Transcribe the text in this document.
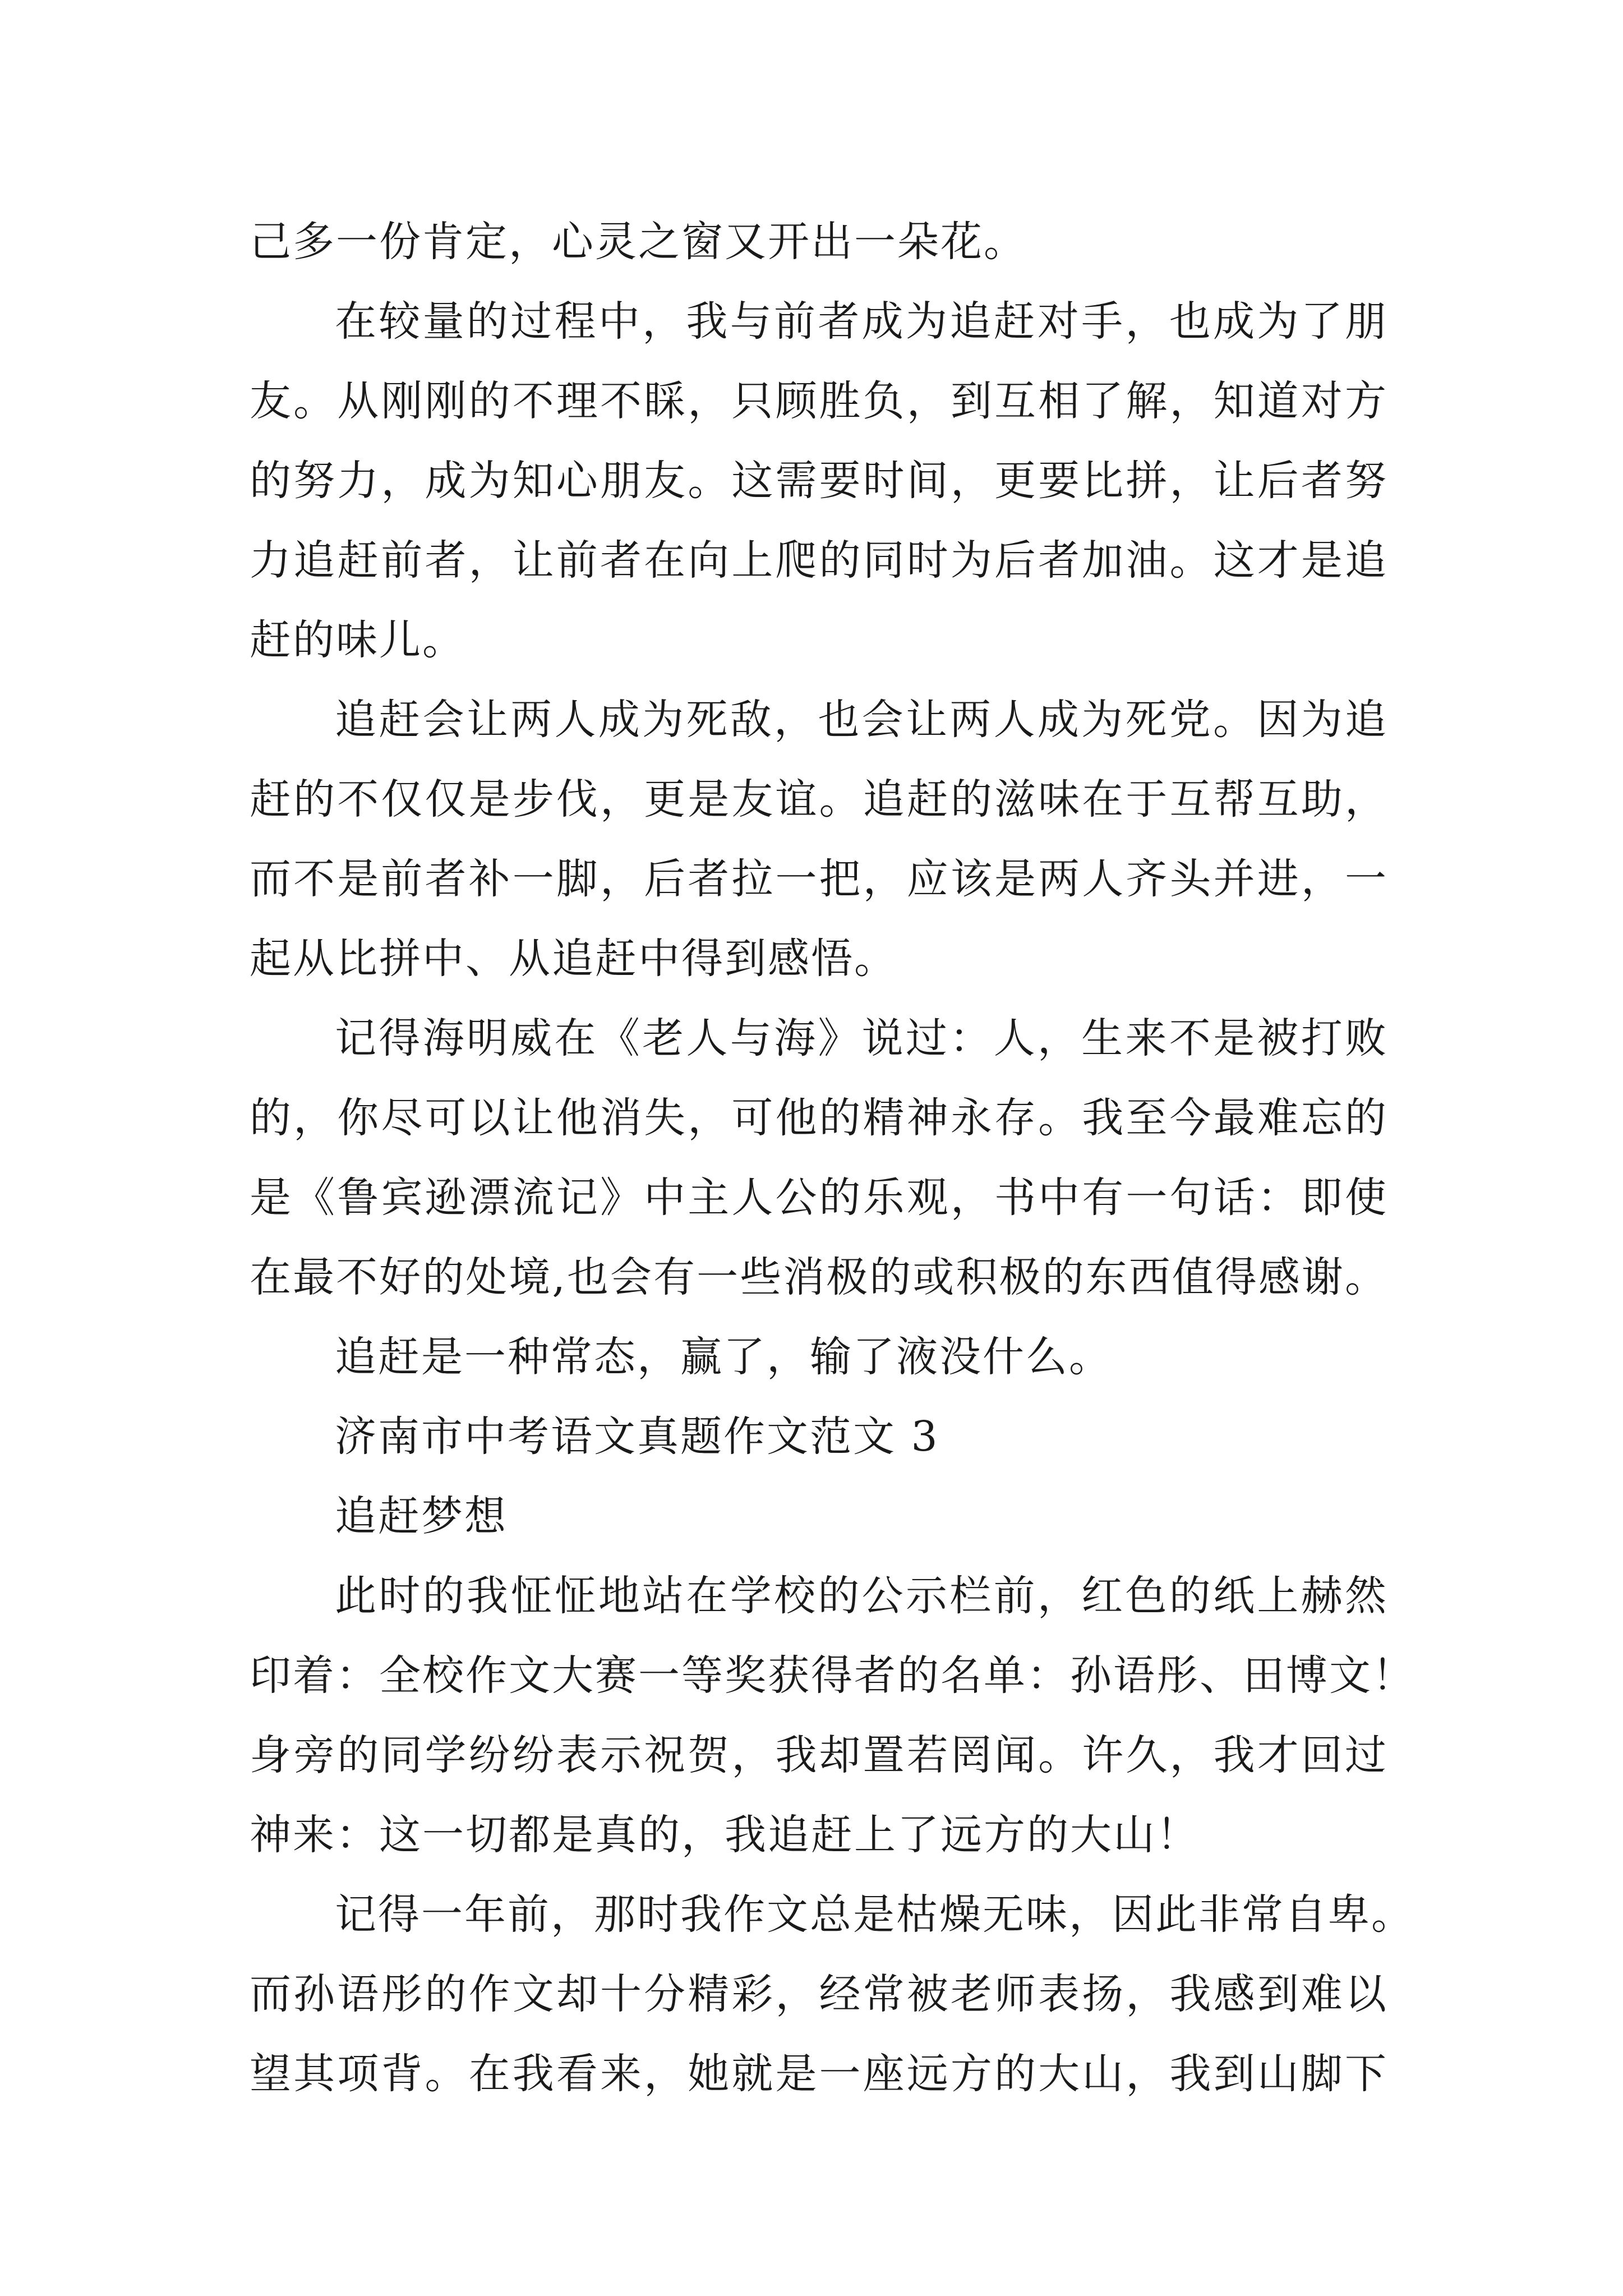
己多一份肯定，心灵之窗又开出一朵花。
在较量的过程中，我与前者成为追赶对手，也成为了朋
友。从刚刚的不理不睬，只顾胜负，到互相了解，知道对方
的努力，成为知心朋友。这需要时间，更要比拼，让后者努
力追赶前者，让前者在向上爬的同时为后者加油。这才是追
赶的味儿。
追赶会让两人成为死敌，也会让两人成为死党。因为追
赶的不仅仅是步伐，更是友谊。追赶的滋味在于互帮互助，
而不是前者补一脚，后者拉一把，应该是两人齐头并进，一
起从比拼中、从追赶中得到感悟。
记得海明威在《老人与海》说过：人，生来不是被打败
的，你尽可以让他消失，可他的精神永存。我至今最难忘的
是《鲁宾逊漂流记》中主人公的乐观，书中有一句话：即使
在最不好的处境,也会有一些消极的或积极的东西值得感谢。
追赶是一种常态，赢了，输了液没什么。
济南市中考语文真题作文范文 3
追赶梦想
此时的我怔怔地站在学校的公示栏前，红色的纸上赫然
印着：全校作文大赛一等奖获得者的名单：孙语彤、田博文！
身旁的同学纷纷表示祝贺，我却置若罔闻。许久，我才回过
神来：这一切都是真的，我追赶上了远方的大山！
记得一年前，那时我作文总是枯燥无味，因此非常自卑。
而孙语彤的作文却十分精彩，经常被老师表扬，我感到难以
望其项背。在我看来，她就是一座远方的大山，我到山脚下
